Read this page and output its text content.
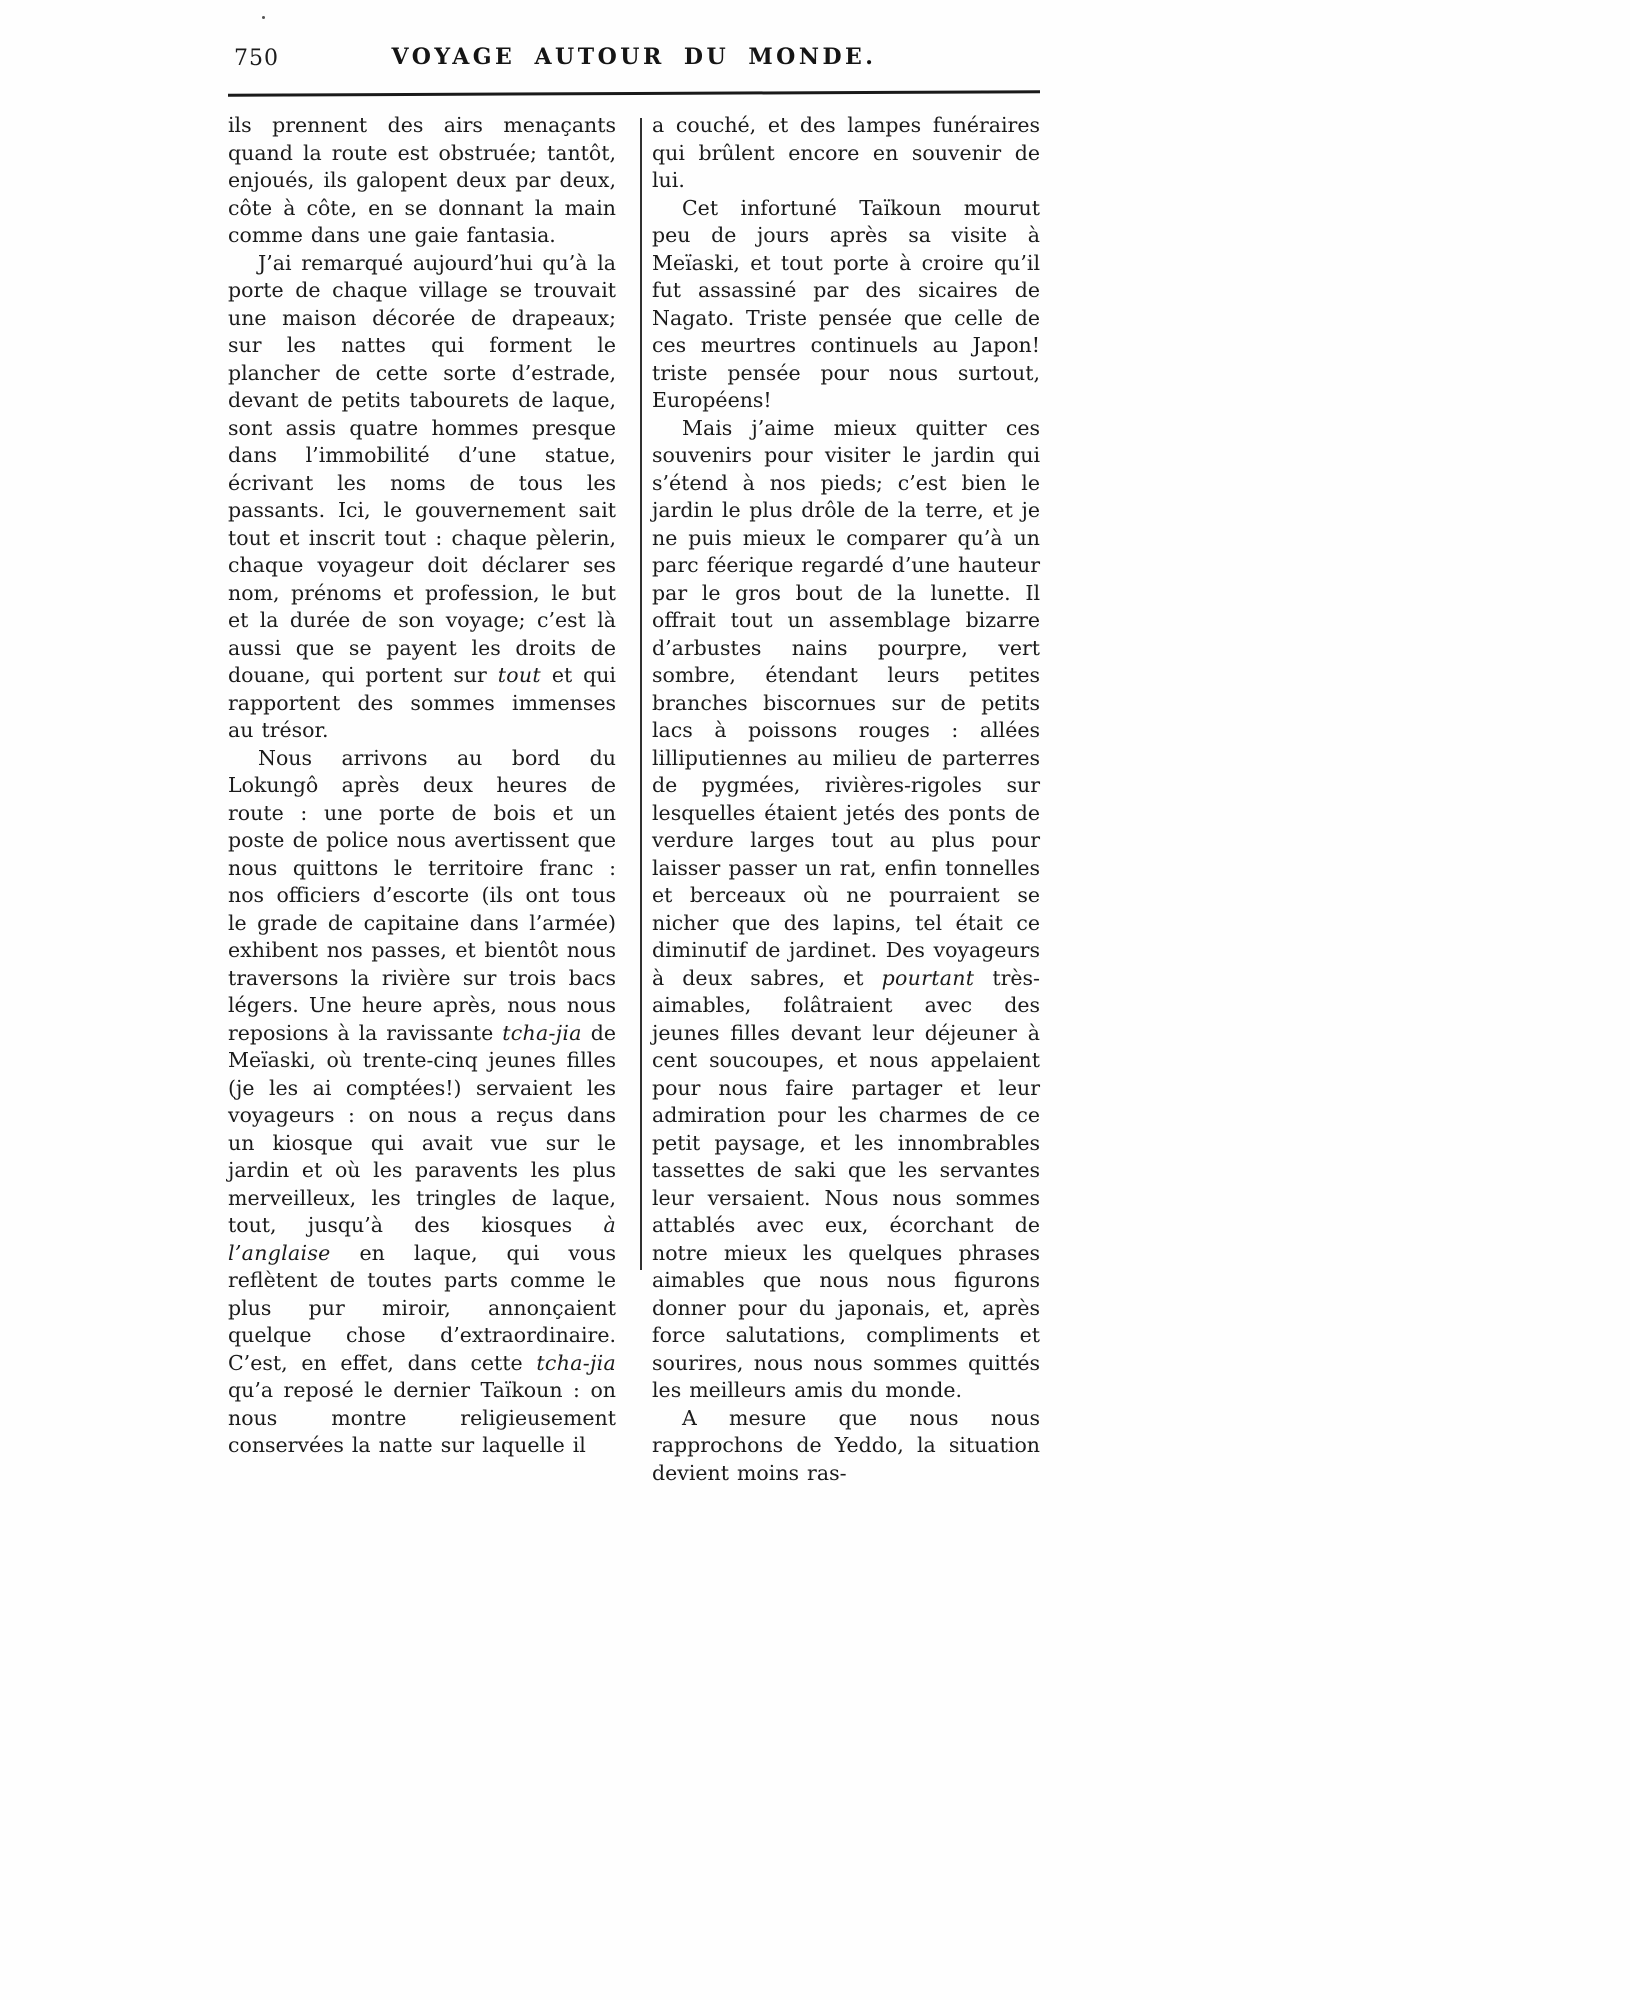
750	VOYAGE AUTOUR DU MONDE.

ils prennent des airs menaçants quand la route est obstruée; tantôt, enjoués, ils galopent deux par deux, côte à côte, en se donnant la main comme dans une gaie fantasia.

J’ai remarqué aujourd’hui qu’à la porte de chaque village se trouvait une maison décorée de drapeaux; sur les nattes qui forment le plancher de cette sorte d’estrade, devant de petits tabourets de laque, sont assis quatre hommes presque dans l’immobilité d’une statue, écrivant les noms de tous les passants. Ici, le gouvernement sait tout et inscrit tout : chaque pèlerin, chaque voyageur doit déclarer ses nom, prénoms et profession, le but et la durée de son voyage; c’est là aussi que se payent les droits de douane, qui portent sur tout et qui rapportent des sommes immenses au trésor.

Nous arrivons au bord du Lokungô après deux heures de route : une porte de bois et un poste de police nous avertissent que nous quittons le territoire franc : nos officiers d’escorte (ils ont tous le grade de capitaine dans l’armée) exhibent nos passes, et bientôt nous traversons la rivière sur trois bacs légers. Une heure après, nous nous reposions à la ravissante tcha-jia de Meïaski, où trente-cinq jeunes filles (je les ai comptées!) servaient les voyageurs : on nous a reçus dans un kiosque qui avait vue sur le jardin et où les paravents les plus merveilleux, les tringles de laque, tout, jusqu’à des kiosques à l’anglaise en laque, qui vous reflètent de toutes parts comme le plus pur miroir, annonçaient quelque chose d’extraordinaire. C’est, en effet, dans cette tcha-jia qu’a reposé le dernier Taïkoun : on nous montre religieusement conservées la natte sur laquelle il

a couché, et des lampes funéraires qui brûlent encore en souvenir de lui.

Cet infortuné Taïkoun mourut peu de jours après sa visite à Meïaski, et tout porte à croire qu’il fut assassiné par des sicaires de Nagato. Triste pensée que celle de ces meurtres continuels au Japon! triste pensée pour nous surtout, Européens!

Mais j’aime mieux quitter ces souvenirs pour visiter le jardin qui s’étend à nos pieds; c’est bien le jardin le plus drôle de la terre, et je ne puis mieux le comparer qu’à un parc féerique regardé d’une hauteur par le gros bout de la lunette. Il offrait tout un assemblage bizarre d’arbustes nains pourpre, vert sombre, étendant leurs petites branches biscornues sur de petits lacs à poissons rouges : allées lilliputiennes au milieu de parterres de pygmées, rivières-rigoles sur lesquelles étaient jetés des ponts de verdure larges tout au plus pour laisser passer un rat, enfin tonnelles et berceaux où ne pourraient se nicher que des lapins, tel était ce diminutif de jardinet. Des voyageurs à deux sabres, et pourtant très-aimables, folâtraient avec des jeunes filles devant leur déjeuner à cent soucoupes, et nous appelaient pour nous faire partager et leur admiration pour les charmes de ce petit paysage, et les innombrables tassettes de saki que les servantes leur versaient. Nous nous sommes attablés avec eux, écorchant de notre mieux les quelques phrases aimables que nous nous figurons donner pour du japonais, et, après force salutations, compliments et sourires, nous nous sommes quittés les meilleurs amis du monde.

A mesure que nous nous rapprochons de Yeddo, la situation devient moins ras-
